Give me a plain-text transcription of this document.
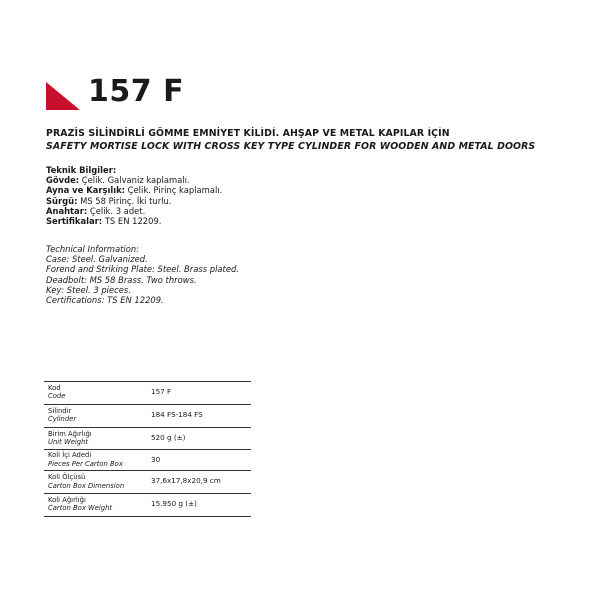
157 F
PRAZİS SİLİNDİRLİ GÖMME EMNİYET KİLİDİ. AHŞAP VE METAL KAPILAR İÇİN
SAFETY MORTISE LOCK WITH CROSS KEY TYPE CYLINDER FOR WOODEN AND METAL DOORS
Teknik Bilgiler:
Gövde: Çelik. Galvaniz kaplamalı.
Ayna ve Karşılık: Çelik. Pirinç kaplamalı.
Sürgü: MS 58 Pirinç. İki turlu.
Anahtar: Çelik. 3 adet.
Sertifikalar: TS EN 12209.
Technical Information:
Case: Steel. Galvanized.
Forend and Striking Plate: Steel. Brass plated.
Deadbolt: MS 58 Brass. Two throws.
Key: Steel. 3 pieces.
Certifications: TS EN 12209.
Kod
Code	157 F

Silindir
Cylinder	184 FS-184 FS

Birim Ağırlığı
Unit Weight	520 g (±)

Koli İçi Adedi
Pieces Per Carton Box	30

Koli Ölçüsü
Carton Box Dimension	37,6x17,8x20,9 cm

Koli Ağırlığı
Carton Box Weight	15.950 g (±)
